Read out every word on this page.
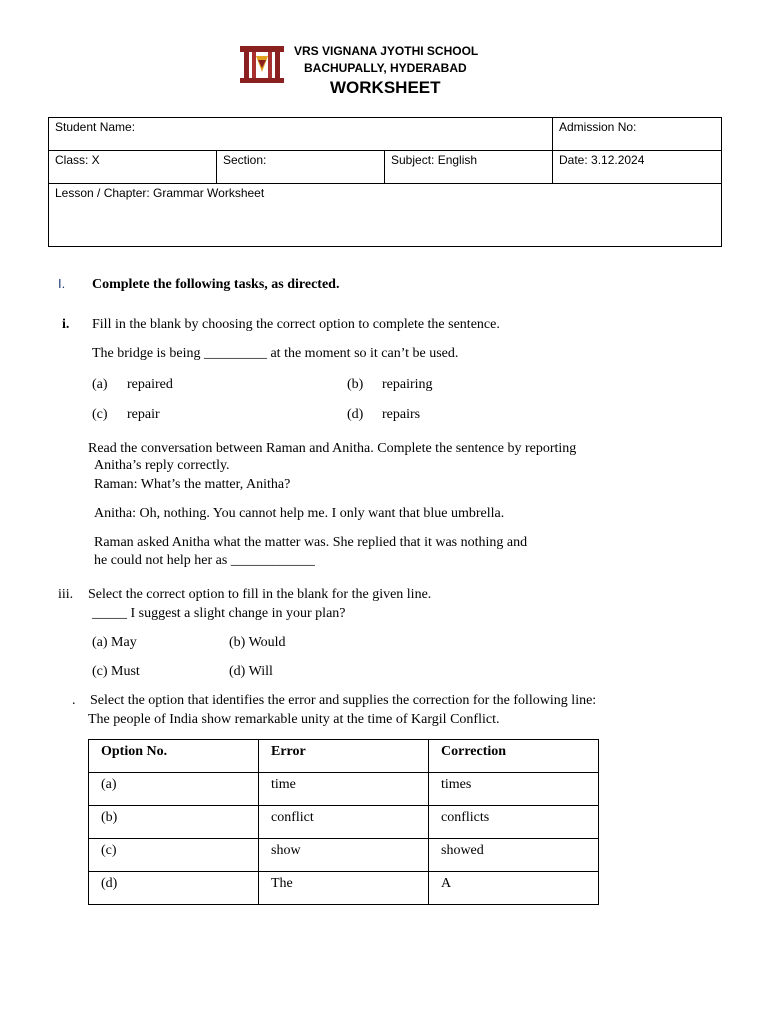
VRS VIGNANA JYOTHI SCHOOL
BACHUPALLY, HYDERABAD
WORKSHEET
Student Name:			Admission No:
Class: X	Section:	Subject: English	Date: 3.12.2024
Lesson / Chapter: Grammar Worksheet			
I. Complete the following tasks, as directed.
i. Fill in the blank by choosing the correct option to complete the sentence.
The bridge is being _________ at the moment so it can’t be used.
(a) repaired	(b) repairing
(c) repair	(d) repairs
Read the conversation between Raman and Anitha. Complete the sentence by reporting
Anitha’s reply correctly.
Raman: What’s the matter, Anitha?
Anitha: Oh, nothing. You cannot help me. I only want that blue umbrella.
Raman asked Anitha what the matter was. She replied that it was nothing and
he could not help her as ____________
iii. Select the correct option to fill in the blank for the given line.
_____ I suggest a slight change in your plan?
(a) May	(b) Would
(c) Must	(d) Will
. Select the option that identifies the error and supplies the correction for the following line:
The people of India show remarkable unity at the time of Kargil Conflict.
Option No.	Error	Correction
(a)	time	times
(b)	conflict	conflicts
(c)	show	showed
(d)	The	A
